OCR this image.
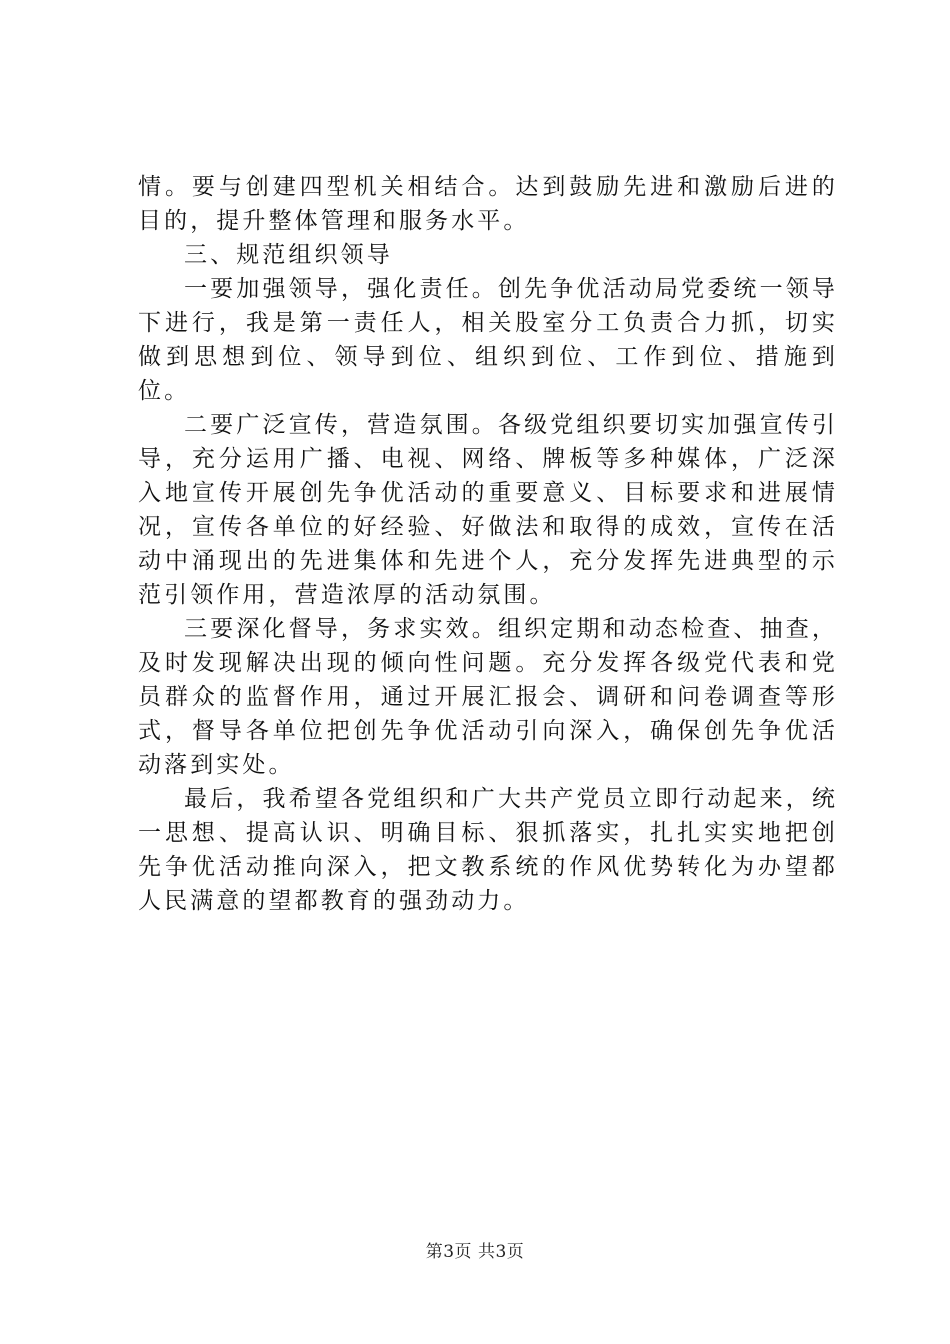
情。要与创建四型机关相结合。达到鼓励先进和激励后进的目的，提升整体管理和服务水平。

三、规范组织领导

一要加强领导，强化责任。创先争优活动局党委统一领导下进行，我是第一责任人，相关股室分工负责合力抓，切实做到思想到位、领导到位、组织到位、工作到位、措施到位。

二要广泛宣传，营造氛围。各级党组织要切实加强宣传引导，充分运用广播、电视、网络、牌板等多种媒体，广泛深入地宣传开展创先争优活动的重要意义、目标要求和进展情况，宣传各单位的好经验、好做法和取得的成效，宣传在活动中涌现出的先进集体和先进个人，充分发挥先进典型的示范引领作用，营造浓厚的活动氛围。

三要深化督导，务求实效。组织定期和动态检查、抽查，及时发现解决出现的倾向性问题。充分发挥各级党代表和党员群众的监督作用，通过开展汇报会、调研和问卷调查等形式，督导各单位把创先争优活动引向深入，确保创先争优活动落到实处。

最后，我希望各党组织和广大共产党员立即行动起来，统一思想、提高认识、明确目标、狠抓落实，扎扎实实地把创先争优活动推向深入，把文教系统的作风优势转化为办望都人民满意的望都教育的强劲动力。

第3页 共3页
